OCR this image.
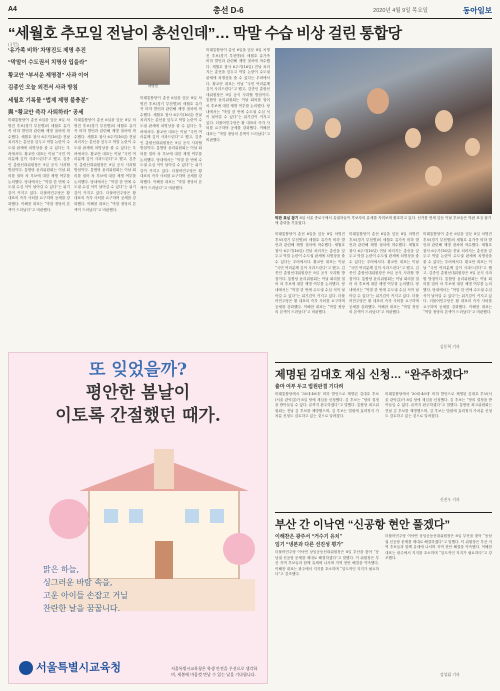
A4	총선 D-6	2020년 4월 9일 목요일	동아일보
“세월호 추모일 전날이 총선인데”… 막말 수습 비상 걸린 통합당
(1면)
‘유가족 비하’ 차명진도 제명 추진
“막말이 수도권서 치명상 입을라”
황교안 “부서운 제명결” 사과 이어
김종인 오늘 외전서 사과 방침
세월호 기록물 “법제 제명 불충분”
與 “황교안 즉각 사퇴하라” 공세
차명진
미래통합당이 총선 6일을 앞둔 8일 차명진 후보(경기 부천병)의 세월호 유가족 비하 발언과 관련해 제명 절차에 착수했다. 세월호 참사 6주기(16일) 전날 치러지는 총선을 앞두고 막말 논란이 수도권 판세에 치명상을 줄 수 있다는 우려에서다. 황교안 대표는 이날 “국민 여러분께 깊이 사과드린다”고 했고, 김종인 총괄선대위원장은 9일 공식 사과할 방침이다. 통합당 윤리위원회는 이날 회의를 열어 차 후보에 대한 제명 여부를 논의했다. 당내에서는 “막말 한 번에 수도권 수십 석이 날아갈 수 있다”는 위기감이 커지고 있다. 더불어민주당은 황 대표의 즉각 사퇴를 요구하며 공세를 강화했다. 이해찬 대표는 “막말 정당의 본색이 드러났다”고 비판했다.
미래통합당이 총선 6일을 앞둔 8일 차명진 후보(경기 부천병)의 세월호 유가족 비하 발언과 관련해 제명 절차에 착수했다. 세월호 참사 6주기(16일) 전날 치러지는 총선을 앞두고 막말 논란이 수도권 판세에 치명상을 줄 수 있다는 우려에서다. 황교안 대표는 이날 “국민 여러분께 깊이 사과드린다”고 했고, 김종인 총괄선대위원장은 9일 공식 사과할 방침이다. 통합당 윤리위원회는 이날 회의를 열어 차 후보에 대한 제명 여부를 논의했다. 당내에서는 “막말 한 번에 수도권 수십 석이 날아갈 수 있다”는 위기감이 커지고 있다. 더불어민주당은 황 대표의 즉각 사퇴를 요구하며 공세를 강화했다. 이해찬 대표는 “막말 정당의 본색이 드러났다”고 비판했다.
미래통합당이 총선 6일을 앞둔 8일 차명진 후보(경기 부천병)의 세월호 유가족 비하 발언과 관련해 제명 절차에 착수했다. 세월호 참사 6주기(16일) 전날 치러지는 총선을 앞두고 막말 논란이 수도권 판세에 치명상을 줄 수 있다는 우려에서다. 황교안 대표는 이날 “국민 여러분께 깊이 사과드린다”고 했고, 김종인 총괄선대위원장은 9일 공식 사과할 방침이다. 통합당 윤리위원회는 이날 회의를 열어 차 후보에 대한 제명 여부를 논의했다. 당내에서는 “막말 한 번에 수도권 수십 석이 날아갈 수 있다”는 위기감이 커지고 있다. 더불어민주당은 황 대표의 즉각 사퇴를 요구하며 공세를 강화했다. 이해찬 대표는 “막말 정당의 본색이 드러났다”고 비판했다.
미래통합당이 총선 6일을 앞둔 8일 차명진 후보(경기 부천병)의 세월호 유가족 비하 발언과 관련해 제명 절차에 착수했다. 세월호 참사 6주기(16일) 전날 치러지는 총선을 앞두고 막말 논란이 수도권 판세에 치명상을 줄 수 있다는 우려에서다. 황교안 대표는 이날 “국민 여러분께 깊이 사과드린다”고 했고, 김종인 총괄선대위원장은 9일 공식 사과할 방침이다. 통합당 윤리위원회는 이날 회의를 열어 차 후보에 대한 제명 여부를 논의했다. 당내에서는 “막말 한 번에 수도권 수십 석이 날아갈 수 있다”는 위기감이 커지고 있다. 더불어민주당은 황 대표의 즉각 사퇴를 요구하며 공세를 강화했다. 이해찬 대표는 “막말 정당의 본색이 드러났다”고 비판했다.
미래통합당이 총선 6일을 앞둔 8일 차명진 후보(경기 부천병)의 세월호 유가족 비하 발언과 관련해 제명 절차에 착수했다. 세월호 참사 6주기(16일) 전날 치러지는 총선을 앞두고 막말 논란이 수도권 판세에 치명상을 줄 수 있다는 우려에서다. 황교안 대표는 이날 “국민 여러분께 깊이 사과드린다”고 했고, 김종인 총괄선대위원장은 9일 공식 사과할 방침이다. 통합당 윤리위원회는 이날 회의를 열어 차 후보에 대한 제명 여부를 논의했다. 당내에서는 “막말 한 번에 수도권 수십 석이 날아갈 수 있다”는 위기감이 커지고 있다. 더불어민주당은 황 대표의 즉각 사퇴를 요구하며 공세를 강화했다. 이해찬 대표는 “막말 정당의 본색이 드러났다”고 비판했다.
미래통합당이 총선 6일을 앞둔 8일 차명진 후보(경기 부천병)의 세월호 유가족 비하 발언과 관련해 제명 절차에 착수했다. 세월호 참사 6주기(16일) 전날 치러지는 총선을 앞두고 막말 논란이 수도권 판세에 치명상을 줄 수 있다는 우려에서다. 황교안 대표는 이날 “국민 여러분께 깊이 사과드린다”고 했고, 김종인 총괄선대위원장은 9일 공식 사과할 방침이다. 통합당 윤리위원회는 이날 회의를 열어 차 후보에 대한 제명 여부를 논의했다. 당내에서는 “막말 한 번에 수도권 수십 석이 날아갈 수 있다”는 위기감이 커지고 있다. 더불어민주당은 황 대표의 즉각 사퇴를 요구하며 공세를 강화했다. 이해찬 대표는 “막말 정당의 본색이 드러났다”고 비판했다.
미래통합당이 총선 6일을 앞둔 8일 차명진 후보(경기 부천병)의 세월호 유가족 비하 발언과 관련해 제명 절차에 착수했다. 세월호 참사 6주기(16일) 전날 치러지는 총선을 앞두고 막말 논란이 수도권 판세에 치명상을 줄 수 있다는 우려에서다. 황교안 대표는 이날 “국민 여러분께 깊이 사과드린다”고 했고, 김종인 총괄선대위원장은 9일 공식 사과할 방침이다. 통합당 윤리위원회는 이날 회의를 열어 차 후보에 대한 제명 여부를 논의했다. 당내에서는 “막말 한 번에 수도권 수십 석이 날아갈 수 있다”는 위기감이 커지고 있다. 더불어민주당은 황 대표의 즉각 사퇴를 요구하며 공세를 강화했다. 이해찬 대표는 “막말 정당의 본색이 드러났다”고 비판했다.
김동혁 기자
막판 표심 잡기 8일 서울 종로구에서 유권자들이 후보자의 유세를 지켜보며 환호하고 있다. 선거를 엿새 앞둔 이날 후보들은 막판 표심 잡기에 총력을 기울였다.
또 잊었을까?
평안한 봄날이
이토록 간절했던 때가.
맑은 하늘,
싱그러운 바람 속을,
고운 아이들 손잡고 거닐
찬란한 날을 꿈꿉니다.
서울특별시교육청	서울특별시교육청은 학생 안전을 우선으로 생각하며, 새봄에 마음껏 만날 수 있는 날을 기다립니다.
제명된 김대호 재심 신청… “완주하겠다”
출마 여부 두고 법원판결 기다려
미래통합당에서 ‘30대·40대’ 비하 발언으로 제명된 김대호 후보(서울 관악갑)가 8일 당에 재심을 신청했다. 김 후보는 “당의 결정을 받아들일 수 없다. 끝까지 완주하겠다”고 말했다. 통합당 최고위원회는 전날 김 후보를 제명했으며, 김 후보는 법원에 효력정지 가처분 신청도 검토하고 있는 것으로 알려졌다.
미래통합당에서 ‘30대·40대’ 비하 발언으로 제명된 김대호 후보(서울 관악갑)가 8일 당에 재심을 신청했다. 김 후보는 “당의 결정을 받아들일 수 없다. 끝까지 완주하겠다”고 말했다. 통합당 최고위원회는 전날 김 후보를 제명했으며, 김 후보는 법원에 효력정지 가처분 신청도 검토하고 있는 것으로 알려졌다.
신진우 기자
부산 간 이낙연 “신공항 현안 풀겠다”
이해찬은 광주서 “거수기 유치”
임기 “냉본과 다른 선진성 평가”
더불어민주당 이낙연 상임공동선대위원장은 8일 부산을 찾아 “동남권 신공항 문제를 제대로 해결하겠다”고 말했다. 이 위원장은 부산 지역 후보들과 함께 유세에 나서며 지역 현안 해결을 약속했다. 이해찬 대표는 광주에서 지지를 호소하며 “압도적인 지지가 필요하다”고 강조했다.
더불어민주당 이낙연 상임공동선대위원장은 8일 부산을 찾아 “동남권 신공항 문제를 제대로 해결하겠다”고 말했다. 이 위원장은 부산 지역 후보들과 함께 유세에 나서며 지역 현안 해결을 약속했다. 이해찬 대표는 광주에서 지지를 호소하며 “압도적인 지지가 필요하다”고 강조했다.
강성휘 기자
